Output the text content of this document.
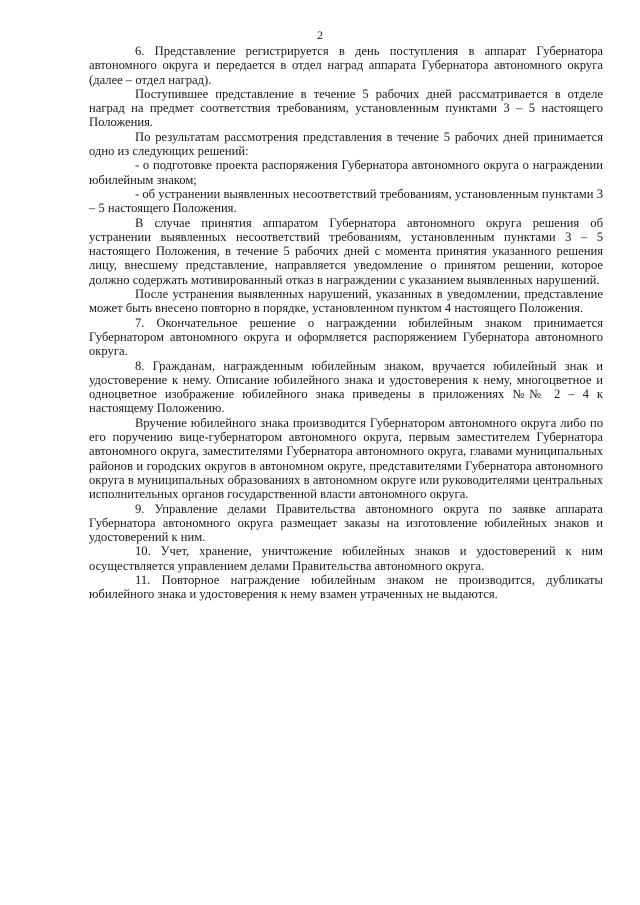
2

6. Представление регистрируется в день поступления в аппарат Губернатора автономного округа и передается в отдел наград аппарата Губернатора автономного округа (далее – отдел наград).

Поступившее представление в течение 5 рабочих дней рассматривается в отделе наград на предмет соответствия требованиям, установленным пунктами 3 – 5 настоящего Положения.

По результатам рассмотрения представления в течение 5 рабочих дней принимается одно из следующих решений:

- о подготовке проекта распоряжения Губернатора автономного округа о награждении юбилейным знаком;

- об устранении выявленных несоответствий требованиям, установленным пунктами 3 – 5 настоящего Положения.

В случае принятия аппаратом Губернатора автономного округа решения об устранении выявленных несоответствий требованиям, установленным пунктами 3 – 5 настоящего Положения, в течение 5 рабочих дней с момента принятия указанного решения лицу, внесшему представление, направляется уведомление о принятом решении, которое должно содержать мотивированный отказ в награждении с указанием выявленных нарушений.

После устранения выявленных нарушений, указанных в уведомлении, представление может быть внесено повторно в порядке, установленном пунктом 4 настоящего Положения.

7. Окончательное решение о награждении юбилейным знаком принимается Губернатором автономного округа и оформляется распоряжением Губернатора автономного округа.

8. Гражданам, награжденным юбилейным знаком, вручается юбилейный знак и удостоверение к нему. Описание юбилейного знака и удостоверения к нему, многоцветное и одноцветное изображение юбилейного знака приведены в приложениях №№ 2 – 4 к настоящему Положению.

Вручение юбилейного знака производится Губернатором автономного округа либо по его поручению вице-губернатором автономного округа, первым заместителем Губернатора автономного округа, заместителями Губернатора автономного округа, главами муниципальных районов и городских округов в автономном округе, представителями Губернатора автономного округа в муниципальных образованиях в автономном округе или руководителями центральных исполнительных органов государственной власти автономного округа.

9. Управление делами Правительства автономного округа по заявке аппарата Губернатора автономного округа размещает заказы на изготовление юбилейных знаков и удостоверений к ним.

10. Учет, хранение, уничтожение юбилейных знаков и удостоверений к ним осуществляется управлением делами Правительства автономного округа.

11. Повторное награждение юбилейным знаком не производится, дубликаты юбилейного знака и удостоверения к нему взамен утраченных не выдаются.
